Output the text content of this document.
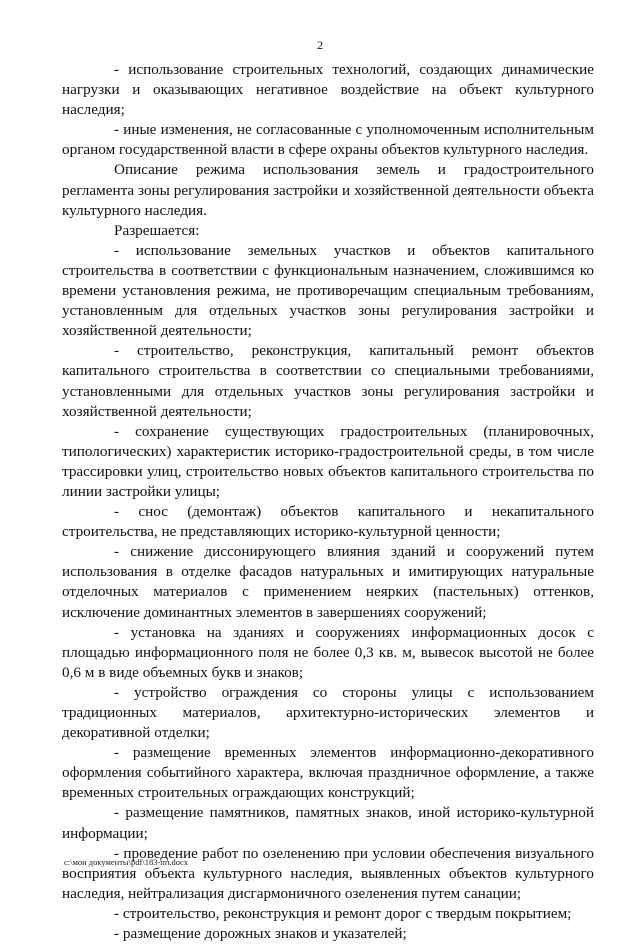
2

- использование строительных технологий, создающих динамические нагрузки и оказывающих негативное воздействие на объект культурного наследия;

- иные изменения, не согласованные с уполномоченным исполнительным органом государственной власти в сфере охраны объектов культурного наследия.

Описание режима использования земель и градостроительного регламента зоны регулирования застройки и хозяйственной деятельности объекта культурного наследия.

Разрешается:

- использование земельных участков и объектов капитального строительства в соответствии с функциональным назначением, сложившимся ко времени установления режима, не противоречащим специальным требованиям, установленным для отдельных участков зоны регулирования застройки и хозяйственной деятельности;

- строительство, реконструкция, капитальный ремонт объектов капитального строительства в соответствии со специальными требованиями, установленными для отдельных участков зоны регулирования застройки и хозяйственной деятельности;

- сохранение существующих градостроительных (планировочных, типологических) характеристик историко-градостроительной среды, в том числе трассировки улиц, строительство новых объектов капитального строительства по линии застройки улицы;

- снос (демонтаж) объектов капитального и некапитального строительства, не представляющих историко-культурной ценности;

- снижение диссонирующего влияния зданий и сооружений путем использования в отделке фасадов натуральных и имитирующих натуральные отделочных материалов с применением неярких (пастельных) оттенков, исключение доминантных элементов в завершениях сооружений;

- установка на зданиях и сооружениях информационных досок с площадью информационного поля не более 0,3 кв. м, вывесок высотой не более 0,6 м в виде объемных букв и знаков;

- устройство ограждения со стороны улицы с использованием традиционных материалов, архитектурно-исторических элементов и декоративной отделки;

- размещение временных элементов информационно-декоративного оформления событийного характера, включая праздничное оформление, а также временных строительных ограждающих конструкций;

- размещение памятников, памятных знаков, иной историко-культурной информации;

- проведение работ по озеленению при условии обеспечения визуального восприятия объекта культурного наследия, выявленных объектов культурного наследия, нейтрализация дисгармоничного озеленения путем санации;

- строительство, реконструкция и ремонт дорог с твердым покрытием;

- размещение дорожных знаков и указателей;

c:\мои документы\pdf\183-пп.docx
